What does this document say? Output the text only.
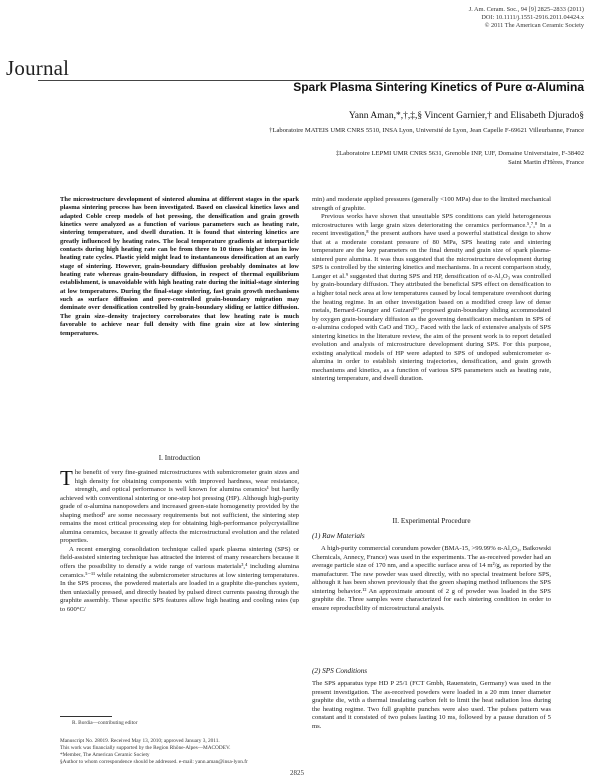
Journal
J. Am. Ceram. Soc., 94 [9] 2825–2833 (2011)
DOI: 10.1111/j.1551-2916.2011.04424.x
© 2011 The American Ceramic Society
Spark Plasma Sintering Kinetics of Pure α-Alumina
Yann Aman,*,†,‡,§ Vincent Garnier,† and Elisabeth Djurado§
†Laboratoire MATEIS UMR CNRS 5510, INSA Lyon, Université de Lyon, Jean Capelle F-69621 Villeurbanne, France
‡Laboratoire LEPMI UMR CNRS 5631, Grenoble INP, UJF, Domaine Universitaire, F-38402
Saint Martin d'Hères, France
The microstructure development of sintered alumina at different stages in the spark plasma sintering process has been investigated. Based on classical kinetics laws and adapted Coble creep models of hot pressing, the densification and grain growth kinetics were analyzed as a function of various parameters such as heating rate, sintering temperature, and dwell duration. It is found that sintering kinetics are greatly influenced by heating rates. The local temperature gradients at interparticle contacts during high heating rate can be from three to 10 times higher than in low heating rate cycles. Plastic yield might lead to instantaneous densification at an early stage of sintering. However, grain-boundary diffusion probably dominates at low heating rate whereas grain-boundary diffusion, in respect of thermal equilibrium establishment, is unavoidable with high heating rate during the initial-stage sintering at low temperatures. During the final-stage sintering, fast grain growth mechanisms such as surface diffusion and pore-controlled grain-boundary migration may dominate over densification controlled by grain-boundary sliding or lattice diffusion. The grain size–density trajectory corroborates that low heating rate is much favorable to achieve near full density with fine grain size at low sintering temperatures.
I. Introduction

The benefit of very fine-grained microstructures with submicrometer grain sizes and high density for obtaining components with improved hardness, wear resistance, strength, and optical performance is well known for alumina ceramics¹ but hardly achieved with conventional sintering or one-step hot pressing (HP). Although high-purity grade of α-alumina nanopowders and increased green-state homogeneity provided by the shaping method² are some necessary requirements but not sufficient, the sintering step remains the most critical processing step for obtaining high-performance polycrystalline alumina ceramics, because it greatly affects the microstructural evolution and the related properties.

A recent emerging consolidation technique called spark plasma sintering (SPS) or field-assisted sintering technique has attracted the interest of many researchers because it offers the possibility to densify a wide range of various materials³,⁴ including alumina ceramics.⁵⁻¹¹ while retaining the submicrometer structures at low sintering temperatures. In the SPS process, the powdered materials are loaded in a graphite die-punches system, then uniaxially pressed, and directly heated by pulsed direct currents passing through the graphite assembly. These specific SPS features allow high heating and cooling rates (up to 600°C/

R. Bordia—contributing editor
Manuscript No. 28019. Received May 13, 2010; approved January 3, 2011.
This work was financially supported by the Region Rhône-Alpes—MACODEV.
*Member, The American Ceramic Society
§Author to whom correspondence should be addressed. e-mail: yann.aman@insa-lyon.fr

min) and moderate applied pressures (generally <100 MPa) due to the limited mechanical strength of graphite.

Previous works have shown that unsuitable SPS conditions can yield heterogeneous microstructures with large grain sizes deteriorating the ceramics performance.⁵,⁷,⁸ In a recent investigation,⁸ the present authors have used a powerful statistical design to show that at a moderate constant pressure of 80 MPa, SPS heating rate and sintering temperature are the key parameters on the final density and grain size of spark plasma-sintered pure alumina. It was thus suggested that the microstructure development during SPS is controlled by the sintering kinetics and mechanisms. In a recent comparison study, Langer et al.⁹ suggested that during SPS and HP, densification of α-Al₂O₃ was controlled by grain-boundary diffusion. They attributed the beneficial SPS effect on densification to a higher total neck area at low temperatures caused by local temperature overshoot during the heating regime. In an other investigation based on a modified creep law of dense metals, Bernard-Granger and Guizard¹⁰ proposed grain-boundary sliding accommodated by oxygen grain-boundary diffusion as the governing densification mechanism in SPS of α-alumina codoped with CaO and TiO₂. Faced with the lack of extensive analysis of SPS sintering kinetics in the literature review, the aim of the present work is to report detailed evolution and analysis of microstructure development during SPS. For this purpose, existing analytical models of HP were adapted to SPS of undoped submicrometer α-alumina in order to establish sintering trajectories, densification, and grain growth mechanisms and kinetics, as a function of various SPS parameters such as heating rate, sintering temperature, and dwell duration.

II. Experimental Procedure
(1) Raw Materials

A high-purity commercial corundum powder (BMA-15, >99.99% α-Al₂O₃, Baïkowski Chemicals, Annecy, France) was used in the experiments. The as-received powder had an average particle size of 170 nm, and a specific surface area of 14 m²/g, as reported by the manufacturer. The raw powder was used directly, with no special treatment before SPS, although it has been shown previously that the green shaping method influences the SPS sintering behavior.¹² An approximate amount of 2 g of powder was loaded in the SPS graphite die. Three samples were characterized for each sintering condition in order to ensure reproducibility of microstructural analysis.

(2) SPS Conditions

The SPS apparatus type HD P 25/1 (FCT Gmbh, Rauenstein, Germany) was used in the present investigation. The as-received powders were loaded in a 20 mm inner diameter graphite die, with a thermal insulating carbon felt to limit the heat radiation loss during the heating regime. Two full graphite punches were also used. The pulses pattern was constant and it consisted of two pulses lasting 10 ms, followed by a pause duration of 5 ms.

2825
